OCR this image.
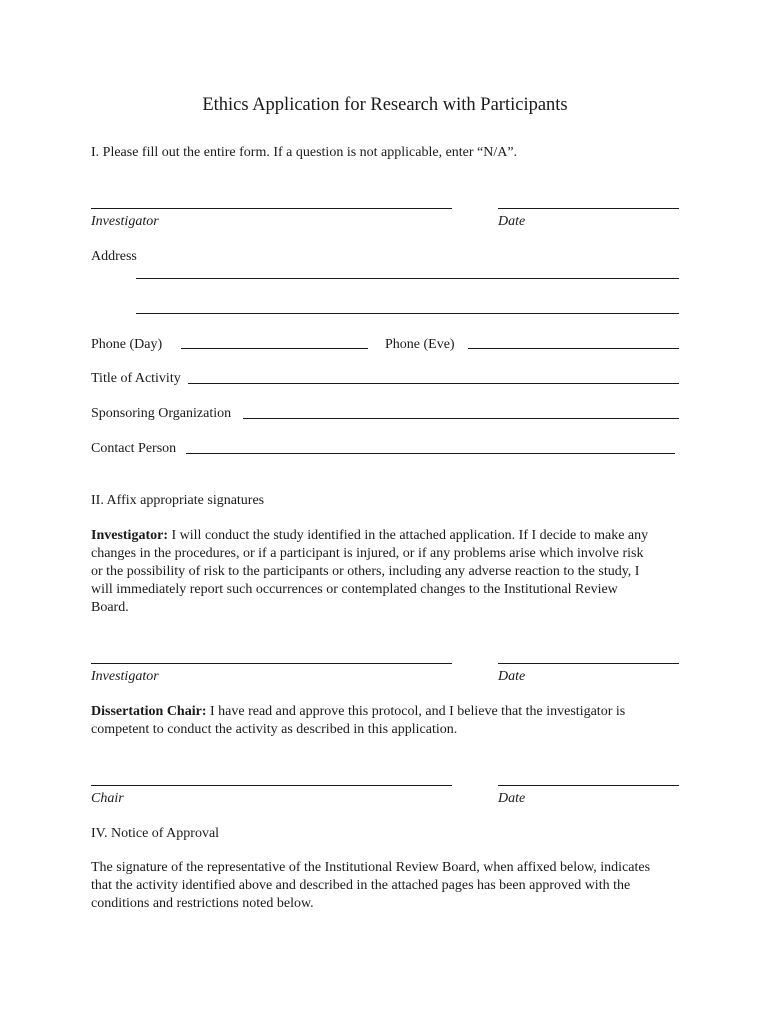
Ethics Application for Research with Participants
I. Please fill out the entire form. If a question is not applicable, enter “N/A”.
Investigator	Date
Address
Phone (Day)	Phone (Eve)
Title of Activity
Sponsoring Organization
Contact Person
II. Affix appropriate signatures
Investigator: I will conduct the study identified in the attached application. If I decide to make any
changes in the procedures, or if a participant is injured, or if any problems arise which involve risk
or the possibility of risk to the participants or others, including any adverse reaction to the study, I
will immediately report such occurrences or contemplated changes to the Institutional Review
Board.
Investigator	Date
Dissertation Chair: I have read and approve this protocol, and I believe that the investigator is
competent to conduct the activity as described in this application.
Chair	Date
IV. Notice of Approval
The signature of the representative of the Institutional Review Board, when affixed below, indicates
that the activity identified above and described in the attached pages has been approved with the
conditions and restrictions noted below.
